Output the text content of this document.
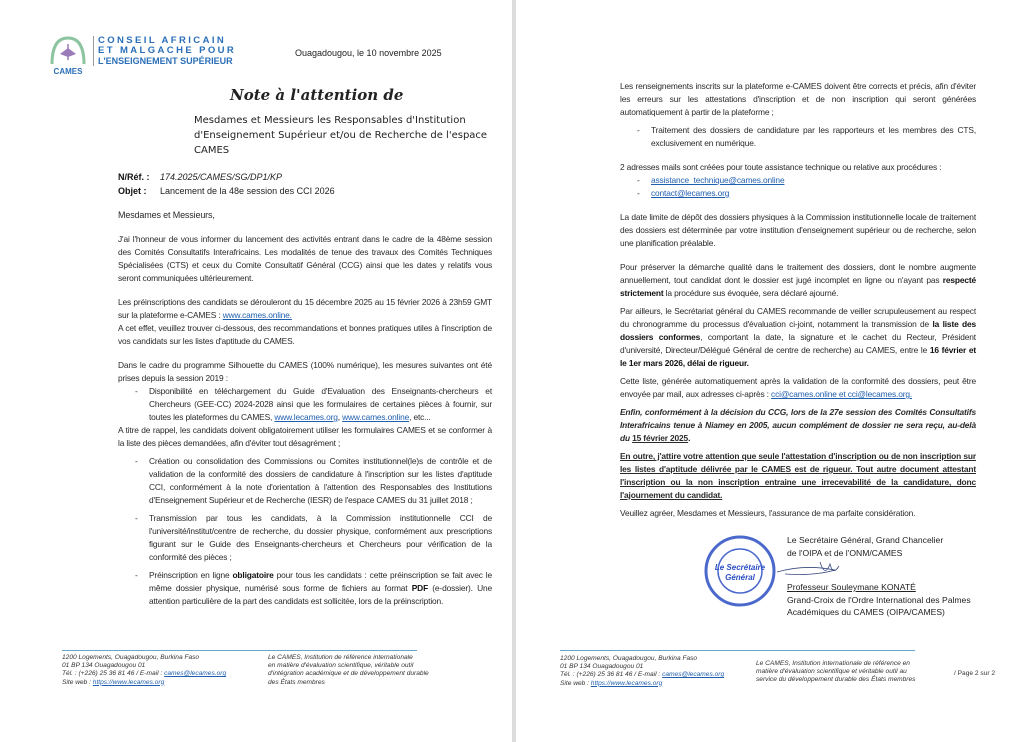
CAMES
CONSEIL AFRICAIN
ET MALGACHE POUR
L'ENSEIGNEMENT SUPÉRIEUR
Ouagadougou, le 10 novembre 2025
Note à l'attention de
Mesdames et Messieurs les Responsables d'Institution d'Enseignement Supérieur et/ou de Recherche de l'espace CAMES
N/Réf. : 174.2025/CAMES/SG/DP1/KP
Objet : Lancement de la 48e session des CCI 2026
Mesdames et Messieurs,
J'ai l'honneur de vous informer du lancement des activités entrant dans le cadre de la 48ème session des Comités Consultatifs Interafricains. Les modalités de tenue des travaux des Comités Techniques Spécialisées (CTS) et ceux du Comite Consultatif Général (CCG) ainsi que les dates y relatifs vous seront communiquées ultérieurement.
Les préinscriptions des candidats se dérouleront du 15 décembre 2025 au 15 février 2026 à 23h59 GMT sur la plateforme e-CAMES : www.cames.online.
A cet effet, veuillez trouver ci-dessous, des recommandations et bonnes pratiques utiles à l'inscription de vos candidats sur les listes d'aptitude du CAMES.
Dans le cadre du programme Silhouette du CAMES (100% numérique), les mesures suivantes ont été prises depuis la session 2019 :
- Disponibilité en téléchargement du Guide d'Evaluation des Enseignants-chercheurs et Chercheurs (GEE-CC) 2024-2028 ainsi que les formulaires de certaines pièces à fournir, sur toutes les plateformes du CAMES, www.lecames.org, www.cames.online, etc...
A titre de rappel, les candidats doivent obligatoirement utiliser les formulaires CAMES et se conformer à la liste des pièces demandées, afin d'éviter tout désagrément ;
- Création ou consolidation des Commissions ou Comites institutionnel(le)s de contrôle et de validation de la conformité des dossiers de candidature à l'inscription sur les listes d'aptitude CCI, conformément à la note d'orientation à l'attention des Responsables des Institutions d'Enseignement Supérieur et de Recherche (IESR) de l'espace CAMES du 31 juillet 2018 ;
- Transmission par tous les candidats, à la Commission institutionnelle CCI de l'université/institut/centre de recherche, du dossier physique, conformément aux prescriptions figurant sur le Guide des Enseignants-chercheurs et Chercheurs pour vérification de la conformité des pièces ;
- Préinscription en ligne obligatoire pour tous les candidats : cette préinscription se fait avec le même dossier physique, numérisé sous forme de fichiers au format PDF (e-dossier). Une attention particulière de la part des candidats est sollicitée, lors de la préinscription.
1200 Logements, Ouagadougou, Burkina Faso
01 BP 134 Ouagadougou 01
Tél. : (+226) 25 36 81 46 / E-mail : cames@lecames.org
Site web : https://www.lecames.org
Le CAMES, Institution de référence internationale
en matière d'évaluation scientifique, véritable outil
d'intégration académique et de développement durable
des États membres
Les renseignements inscrits sur la plateforme e-CAMES doivent être corrects et précis, afin d'éviter les erreurs sur les attestations d'inscription et de non inscription qui seront générées automatiquement à partir de la plateforme ;
- Traitement des dossiers de candidature par les rapporteurs et les membres des CTS, exclusivement en numérique.
2 adresses mails sont créées pour toute assistance technique ou relative aux procédures :
- assistance_technique@cames.online
- contact@lecames.org
La date limite de dépôt des dossiers physiques à la Commission institutionnelle locale de traitement des dossiers est déterminée par votre institution d'enseignement supérieur ou de recherche, selon une planification préalable.
Pour préserver la démarche qualité dans le traitement des dossiers, dont le nombre augmente annuellement, tout candidat dont le dossier est jugé incomplet en ligne ou n'ayant pas respecté strictement la procédure sus évoquée, sera déclaré ajourné.
Par ailleurs, le Secrétariat général du CAMES recommande de veiller scrupuleusement au respect du chronogramme du processus d'évaluation ci-joint, notamment la transmission de la liste des dossiers conformes, comportant la date, la signature et le cachet du Recteur, Président d'université, Directeur/Délégué Général de centre de recherche) au CAMES, entre le 16 février et le 1er mars 2026, délai de rigueur.
Cette liste, générée automatiquement après la validation de la conformité des dossiers, peut être envoyée par mail, aux adresses ci-après : cci@cames.online et cci@lecames.org.
Enfin, conformément à la décision du CCG, lors de la 27e session des Comités Consultatifs Interafricains tenue à Niamey en 2005, aucun complément de dossier ne sera reçu, au-delà du 15 février 2025.
En outre, j'attire votre attention que seule l'attestation d'inscription ou de non inscription sur les listes d'aptitude délivrée par le CAMES est de rigueur. Tout autre document attestant l'inscription ou la non inscription entraine une irrecevabilité de la candidature, donc l'ajournement du candidat.
Veuillez agréer, Mesdames et Messieurs, l'assurance de ma parfaite considération.
Le Secrétaire Général, Grand Chancelier
de l'OIPA et de l'ONM/CAMES
Professeur Souleymane KONATÉ
Grand-Croix de l'Ordre International des Palmes
Académiques du CAMES (OIPA/CAMES)
Le Secrétaire
Général
1200 Logements, Ouagadougou, Burkina Faso
01 BP 134 Ouagadougou 01
Tél. : (+226) 25 36 81 46 / E-mail : cames@lecames.org
Site web : https://www.lecames.org
Le CAMES, Institution internationale de référence en
matière d'évaluation scientifique et véritable outil au
service du développement durable des États membres
/ Page 2 sur 2
